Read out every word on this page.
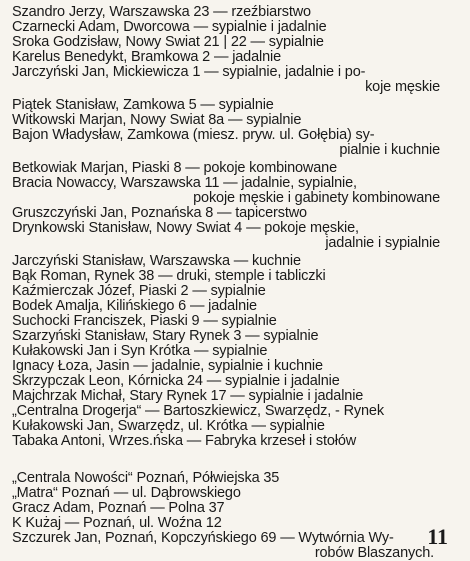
Szandro Jerzy, Warszawska 23 — rzeźbiarstwo
Czarnecki Adam, Dworcowa — sypialnie i jadalnie
Sroka Godzisław, Nowy Swiat 21 | 22 — sypialnie
Karelus Benedykt, Bramkowa 2 — jadalnie
Jarczyński Jan, Mickiewicza 1 — sypialnie, jadalnie i po-
koje męskie
Piątek Stanisław, Zamkowa 5 — sypialnie
Witkowski Marjan, Nowy Swiat 8a — sypialnie
Bajon Władysław, Zamkowa (miesz. pryw. ul. Gołębia) sy-
pialnie i kuchnie
Betkowiak Marjan, Piaski 8 — pokoje kombinowane
Bracia Nowaccy, Warszawska 11 — jadalnie, sypialnie,
pokoje męskie i gabinety kombinowane
Gruszczyński Jan, Poznańska 8 — tapicerstwo
Drynkowski Stanisław, Nowy Swiat 4 — pokoje męskie,
jadalnie i sypialnie
Jarczyński Stanisław, Warszawska — kuchnie
Bąk Roman, Rynek 38 — druki, stemple i tabliczki
Kaźmierczak Józef, Piaski 2 — sypialnie
Bodek Amalja, Kilińskiego 6 — jadalnie
Suchocki Franciszek, Piaski 9 — sypialnie
Szarzyński Stanisław, Stary Rynek 3 — sypialnie
Kułakowski Jan i Syn Krótka — sypialnie
Ignacy Łoza, Jasin — jadalnie, sypialnie i kuchnie
Skrzypczak Leon, Kórnicka 24 — sypialnie i jadalnie
Majchrzak Michał, Stary Rynek 17 — sypialnie i jadalnie
„Centralna Drogerja“ — Bartoszkiewicz, Swarzędz, - Rynek
Kułakowski Jan, Swarzędz, ul. Krótka — sypialnie
Tabaka Antoni, Wrzes.ńska — Fabryka krzeseł i stołów
„Centrala Nowości“ Poznań, Półwiejska 35
„Matra“ Poznań — ul. Dąbrowskiego
Gracz Adam, Poznań — Polna 37
K Kużaj — Poznań, ul. Woźna 12
11
Szczurek Jan, Poznań, Kopczyńskiego 69 — Wytwórnia Wy-
robów Blaszanych.
